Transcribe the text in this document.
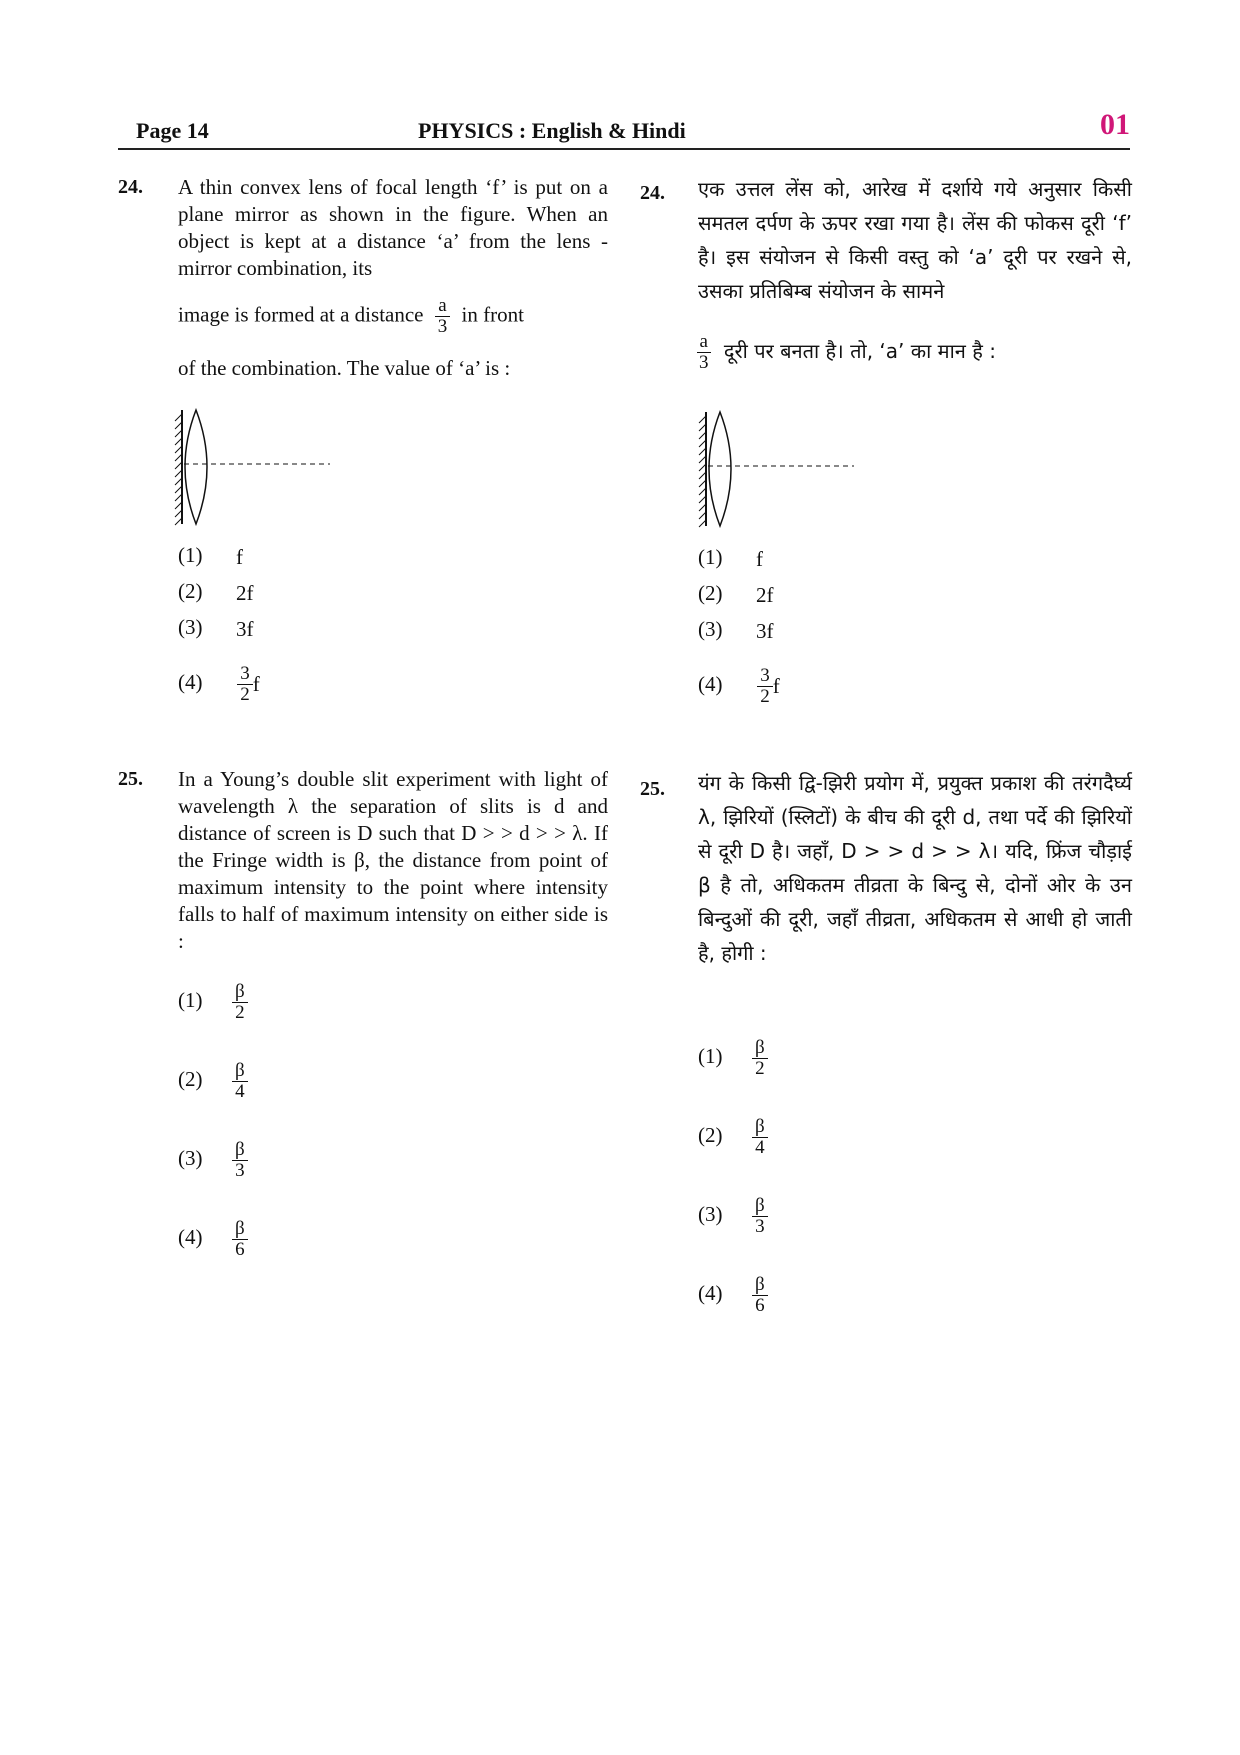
Page 14	PHYSICS : English & Hindi	01
24. A thin convex lens of focal length ‘f’ is put on a plane mirror as shown in the figure. When an object is kept at a distance ‘a’ from the lens - mirror combination, its
image is formed at a distance $\frac{a}{3}$ in front
of the combination. The value of ‘a’ is :
(1) f
(2) 2f
(3) 3f
$(4) \frac{3}{2}$ f
24. एक उत्तल लेंस को, आरेख में दर्शाये गये अनुसार किसी समतल दर्पण के ऊपर रखा गया है। लेंस की फोकस दूरी ‘f’ है। इस संयोजन से किसी वस्तु को ‘a’ दूरी पर रखने से, उसका प्रतिबिम्ब संयोजन के सामने
$\frac{a}{3}$ दूरी पर बनता है। तो, ‘a’ का मान है :
(1) f
(2) 2f
(3) 3f
$(4) \frac{3}{2}$ f
25. In a Young’s double slit experiment with light of wavelength λ the separation of slits is d and distance of screen is D such that D > > d > > λ. If the Fringe width is β, the distance from point of maximum intensity to the point where intensity falls to half of maximum intensity on either side is :
$(1) \frac{\beta}{2}$
$(2) \frac{\beta}{4}$
$(3) \frac{\beta}{3}$
$(4) \frac{\beta}{6}$
25. यंग के किसी द्वि-झिरी प्रयोग में, प्रयुक्त प्रकाश की तरंगदैर्घ्य λ, झिरियों (स्लिटों) के बीच की दूरी d, तथा पर्दे की झिरियों से दूरी D है। जहाँ, D > > d > > λ। यदि, फ्रिंज चौड़ाई β है तो, अधिकतम तीव्रता के बिन्दु से, दोनों ओर के उन बिन्दुओं की दूरी, जहाँ तीव्रता, अधिकतम से आधी हो जाती है, होगी :
$(1) \frac{\beta}{2}$
$(2) \frac{\beta}{4}$
$(3) \frac{\beta}{3}$
$(4) \frac{\beta}{6}$
